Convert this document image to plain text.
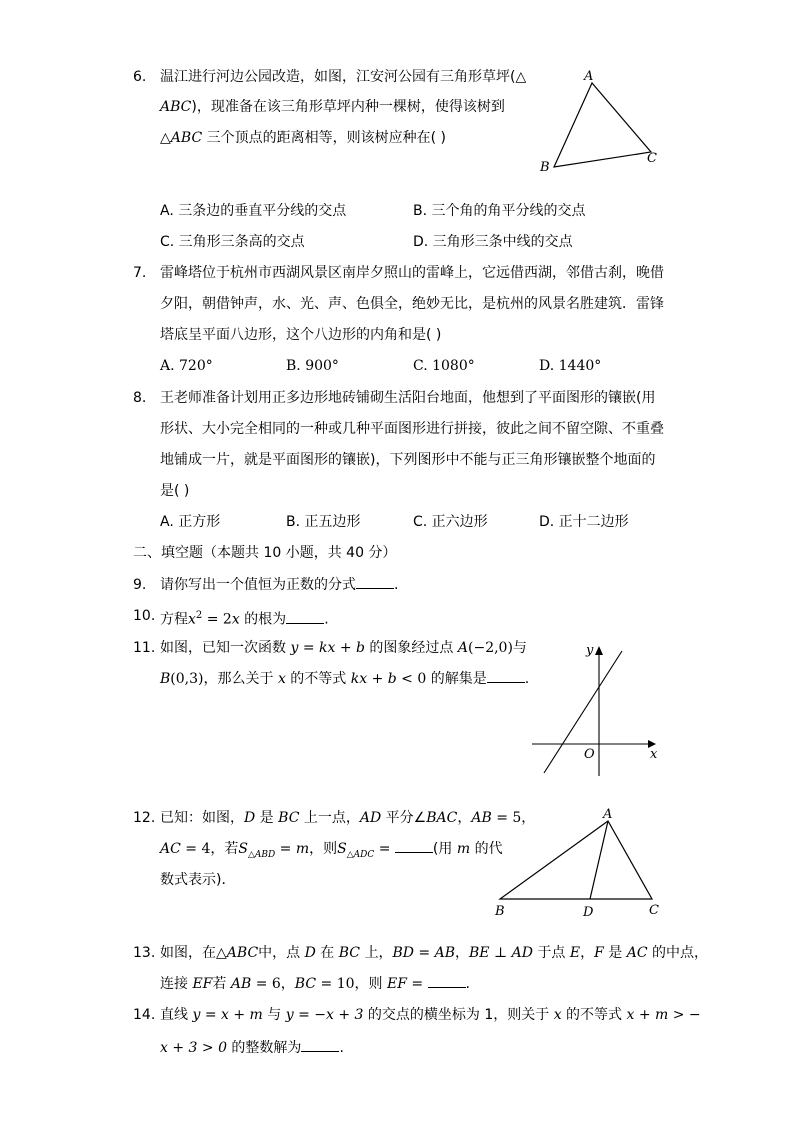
6. 温江进行河边公园改造，如图，江安河公园有三角形草坪(△
ABC)，现准备在该三角形草坪内种一棵树，使得该树到
△ABC 三个顶点的距离相等，则该树应种在( )
A
B
C
A. 三条边的垂直平分线的交点	B. 三个角的角平分线的交点
C. 三角形三条高的交点	D. 三角形三条中线的交点
7. 雷峰塔位于杭州市西湖风景区南岸夕照山的雷峰上，它远借西湖，邻借古刹，晚借
夕阳，朝借钟声，水、光、声、色俱全，绝妙无比，是杭州的风景名胜建筑．雷锋
塔底呈平面八边形，这个八边形的内角和是( )
A. 720°	B. 900°	C. 1080°	D. 1440°
8. 王老师准备计划用正多边形地砖铺砌生活阳台地面，他想到了平面图形的镶嵌(用
形状、大小完全相同的一种或几种平面图形进行拼接，彼此之间不留空隙、不重叠
地铺成一片，就是平面图形的镶嵌)，下列图形中不能与正三角形镶嵌整个地面的
是( )
A. 正方形	B. 正五边形	C. 正六边形	D. 正十二边形
二、填空题（本题共 10 小题，共 40 分）
9. 请你写出一个值恒为正数的分式	.
10. 方程$x^2 = 2x$ 的根为	.
11. 如图，已知一次函数 y = kx + b 的图象经过点 A(−2,0)与
B(0,3)，那么关于 x 的不等式 kx + b < 0 的解集是	.
y
x
O
12. 已知：如图，D 是 BC 上一点，AD 平分∠BAC，AB = 5，
AC = 4，若$S_{\triangle ABD} = m$，则$S_{\triangle ADC}$ =	(用 m 的代
数式表示)．
A
B	D	C
13. 如图，在△ABC中，点 D 在 BC 上，BD = AB，BE ⊥ AD 于点 E，F 是 AC 的中点，
连接 EF若 AB = 6，BC = 10，则 EF =	.
14. 直线 y = x + m 与 y = −x + 3 的交点的横坐标为 1，则关于 x 的不等式 x + m > −
x + 3 > 0 的整数解为	.
